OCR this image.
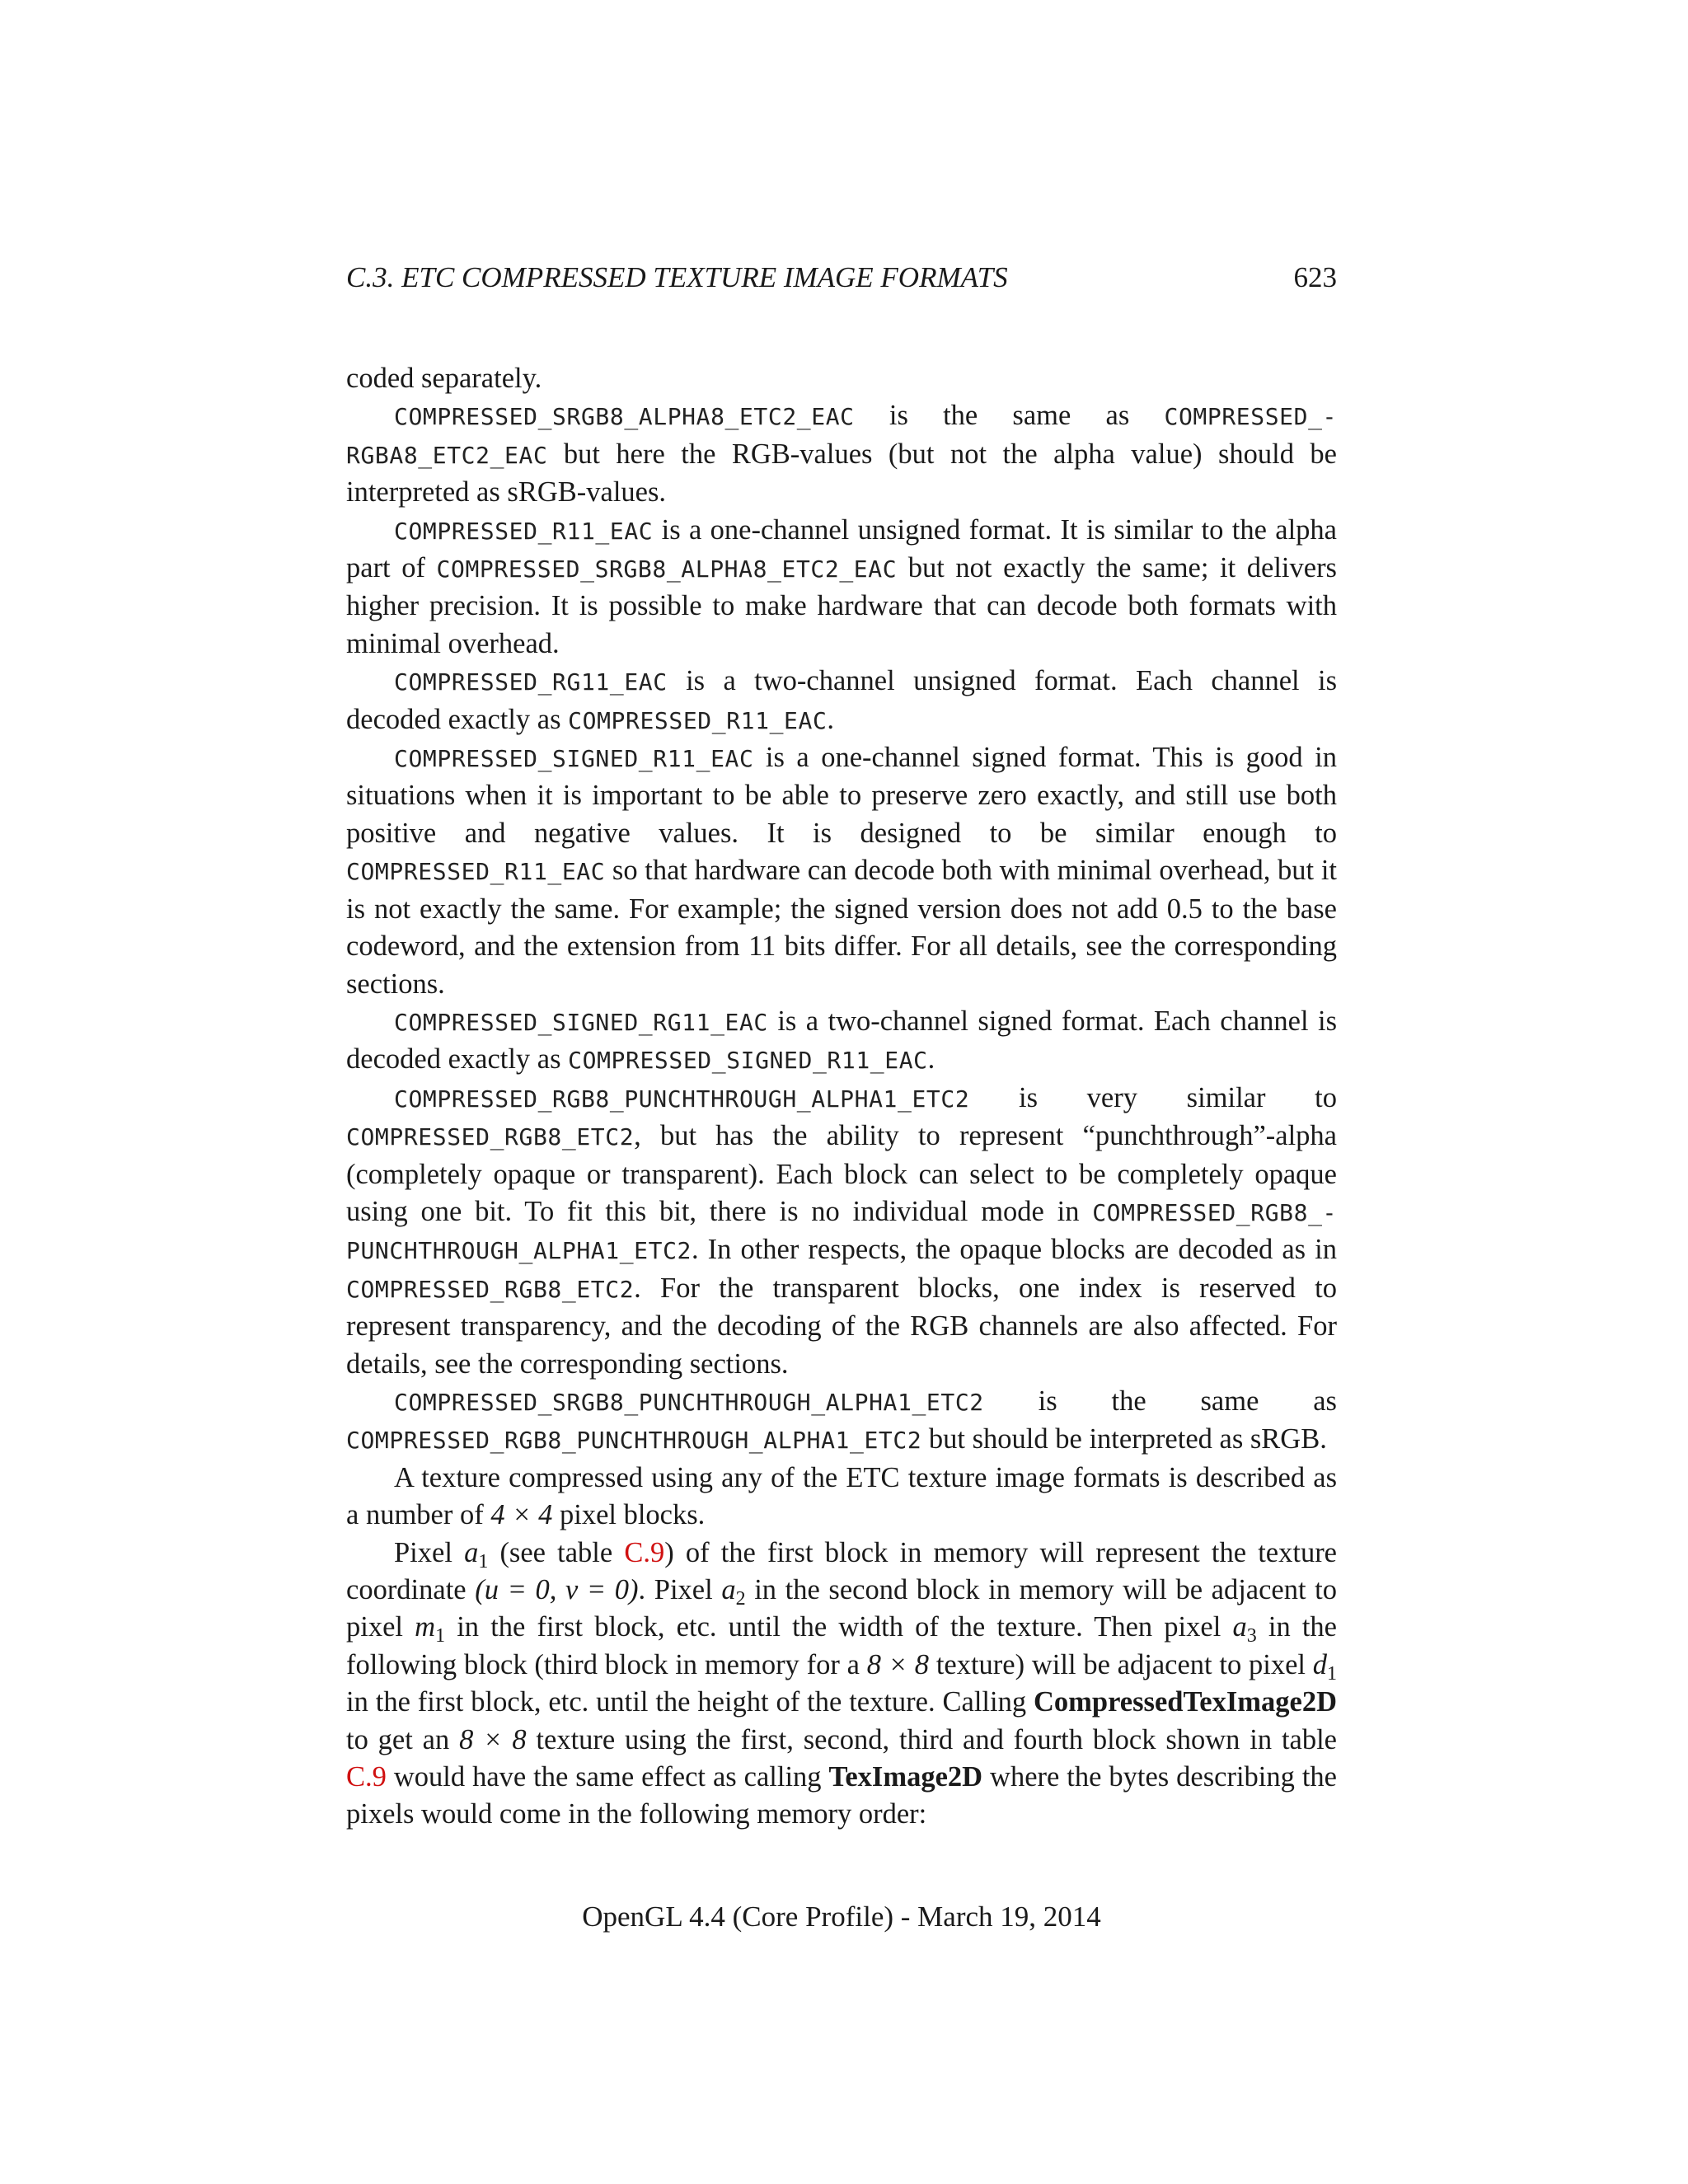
C.3. ETC COMPRESSED TEXTURE IMAGE FORMATS	623

coded separately.

COMPRESSED_SRGB8_ALPHA8_ETC2_EAC is the same as COMPRESSED_-RGBA8_ETC2_EAC but here the RGB-values (but not the alpha value) should be interpreted as sRGB-values.

COMPRESSED_R11_EAC is a one-channel unsigned format. It is similar to the alpha part of COMPRESSED_SRGB8_ALPHA8_ETC2_EAC but not exactly the same; it delivers higher precision. It is possible to make hardware that can decode both formats with minimal overhead.

COMPRESSED_RG11_EAC is a two-channel unsigned format. Each channel is decoded exactly as COMPRESSED_R11_EAC.

COMPRESSED_SIGNED_R11_EAC is a one-channel signed format. This is good in situations when it is important to be able to preserve zero exactly, and still use both positive and negative values. It is designed to be similar enough to COMPRESSED_R11_EAC so that hardware can decode both with minimal overhead, but it is not exactly the same. For example; the signed version does not add 0.5 to the base codeword, and the extension from 11 bits differ. For all details, see the corresponding sections.

COMPRESSED_SIGNED_RG11_EAC is a two-channel signed format. Each channel is decoded exactly as COMPRESSED_SIGNED_R11_EAC.

COMPRESSED_RGB8_PUNCHTHROUGH_ALPHA1_ETC2 is very similar to COMPRESSED_RGB8_ETC2, but has the ability to represent “punchthrough”-alpha (completely opaque or transparent). Each block can select to be completely opaque using one bit. To fit this bit, there is no individual mode in COMPRESSED_RGB8_-PUNCHTHROUGH_ALPHA1_ETC2. In other respects, the opaque blocks are decoded as in COMPRESSED_RGB8_ETC2. For the transparent blocks, one index is reserved to represent transparency, and the decoding of the RGB channels are also affected. For details, see the corresponding sections.

COMPRESSED_SRGB8_PUNCHTHROUGH_ALPHA1_ETC2 is the same as COMPRESSED_RGB8_PUNCHTHROUGH_ALPHA1_ETC2 but should be interpreted as sRGB.

A texture compressed using any of the ETC texture image formats is described as a number of 4 × 4 pixel blocks.

Pixel $a_1$ (see table C.9) of the first block in memory will represent the texture coordinate (u = 0, v = 0). Pixel $a_2$ in the second block in memory will be adjacent to pixel $m_1$ in the first block, etc. until the width of the texture. Then pixel $a_3$ in the following block (third block in memory for a 8 × 8 texture) will be adjacent to pixel $d_1$ in the first block, etc. until the height of the texture. Calling CompressedTexImage2D to get an 8 × 8 texture using the first, second, third and fourth block shown in table C.9 would have the same effect as calling TexImage2D where the bytes describing the pixels would come in the following memory order:

OpenGL 4.4 (Core Profile) - March 19, 2014
